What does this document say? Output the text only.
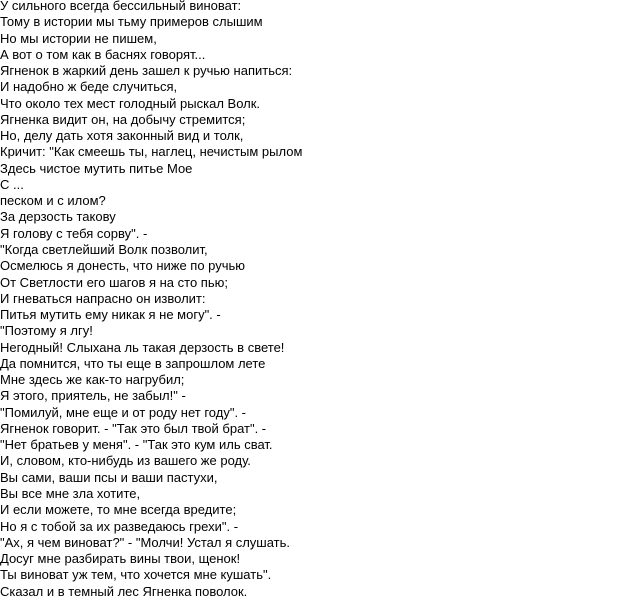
У сильного всегда бессильный виноват:
Тому в истории мы тьму примеров слышим
Но мы истории не пишем,
А вот о том как в баснях говорят...
Ягненок в жаркий день зашел к ручью напиться:
И надобно ж беде случиться,
Что около тех мест голодный рыскал Волк.
Ягненка видит он, на добычу стремится;
Но, делу дать хотя законный вид и толк,
Кричит: "Как смеешь ты, наглец, нечистым рылом
Здесь чистое мутить питье Мое
С ...
песком и с илом?
За дерзость такову
Я голову с тебя сорву". -
"Когда светлейший Волк позволит,
Осмелюсь я донесть, что ниже по ручью
От Светлости его шагов я на сто пью;
И гневаться напрасно он изволит:
Питья мутить ему никак я не могу". -
"Поэтому я лгу!
Негодный! Слыхана ль такая дерзость в свете!
Да помнится, что ты еще в запрошлом лете
Мне здесь же как-то нагрубил;
Я этого, приятель, не забыл!" -
"Помилуй, мне еще и от роду нет году". -
Ягненок говорит. - "Так это был твой брат". -
"Нет братьев у меня". - "Так это кум иль сват.
И, словом, кто-нибудь из вашего же роду.
Вы сами, ваши псы и ваши пастухи,
Вы все мне зла хотите,
И если можете, то мне всегда вредите;
Но я с тобой за их разведаюсь грехи". -
"Ах, я чем виноват?" - "Молчи! Устал я слушать.
Досуг мне разбирать вины твои, щенок!
Ты виноват уж тем, что хочется мне кушать".
Сказал и в темный лес Ягненка поволок.
